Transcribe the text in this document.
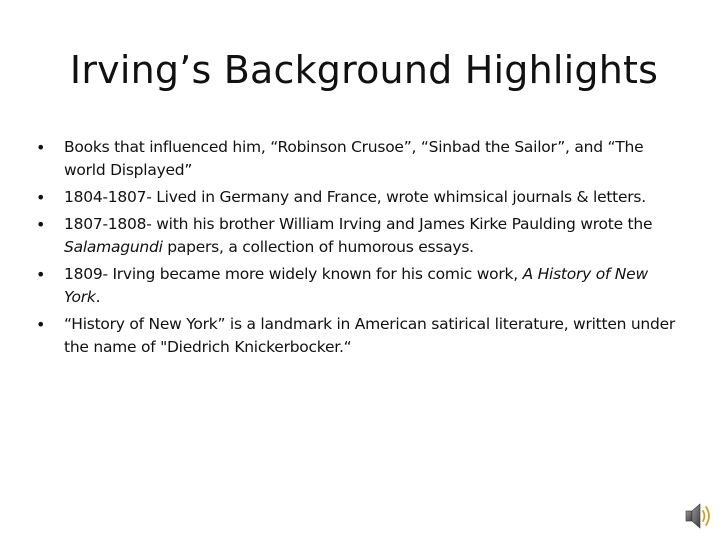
Irving’s Background Highlights
• Books that influenced him, “Robinson Crusoe”, “Sinbad the Sailor”, and “The world Displayed”
• 1804-1807- Lived in Germany and France, wrote whimsical journals & letters.
• 1807-1808- with his brother William Irving and James Kirke Paulding wrote the Salamagundi papers, a collection of humorous essays.
• 1809- Irving became more widely known for his comic work, A History of New York.
• “History of New York” is a landmark in American satirical literature, written under the name of "Diedrich Knickerbocker.“
